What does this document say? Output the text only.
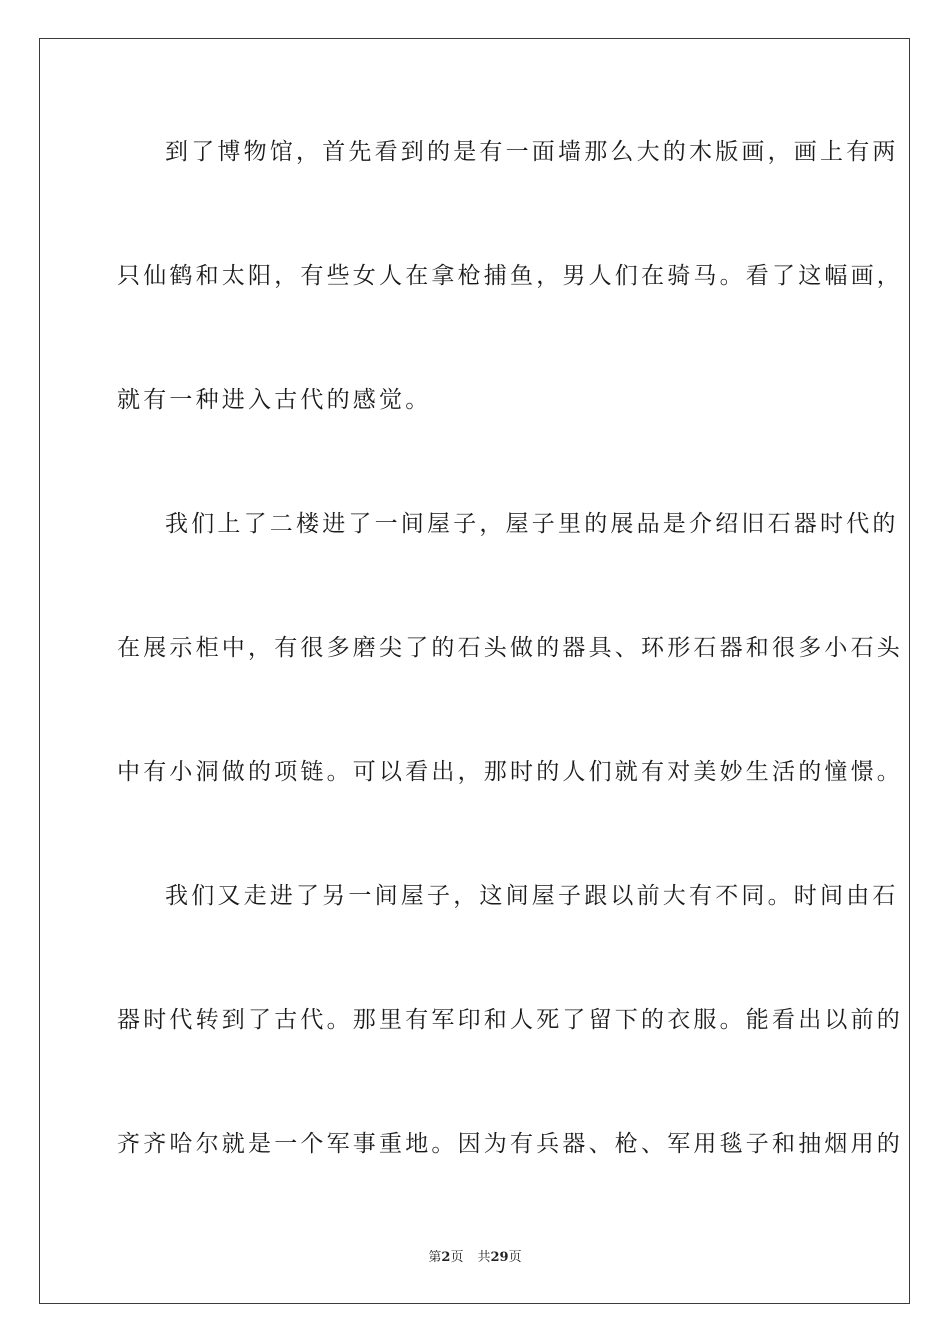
到了博物馆，首先看到的是有一面墙那么大的木版画，画上有两
只仙鹤和太阳，有些女人在拿枪捕鱼，男人们在骑马。看了这幅画，
就有一种进入古代的感觉。
我们上了二楼进了一间屋子，屋子里的展品是介绍旧石器时代的
在展示柜中，有很多磨尖了的石头做的器具、环形石器和很多小石头
中有小洞做的项链。可以看出，那时的人们就有对美妙生活的憧憬。
我们又走进了另一间屋子，这间屋子跟以前大有不同。时间由石
器时代转到了古代。那里有军印和人死了留下的衣服。能看出以前的
齐齐哈尔就是一个军事重地。因为有兵器、枪、军用毯子和抽烟用的
第2页 共29页
